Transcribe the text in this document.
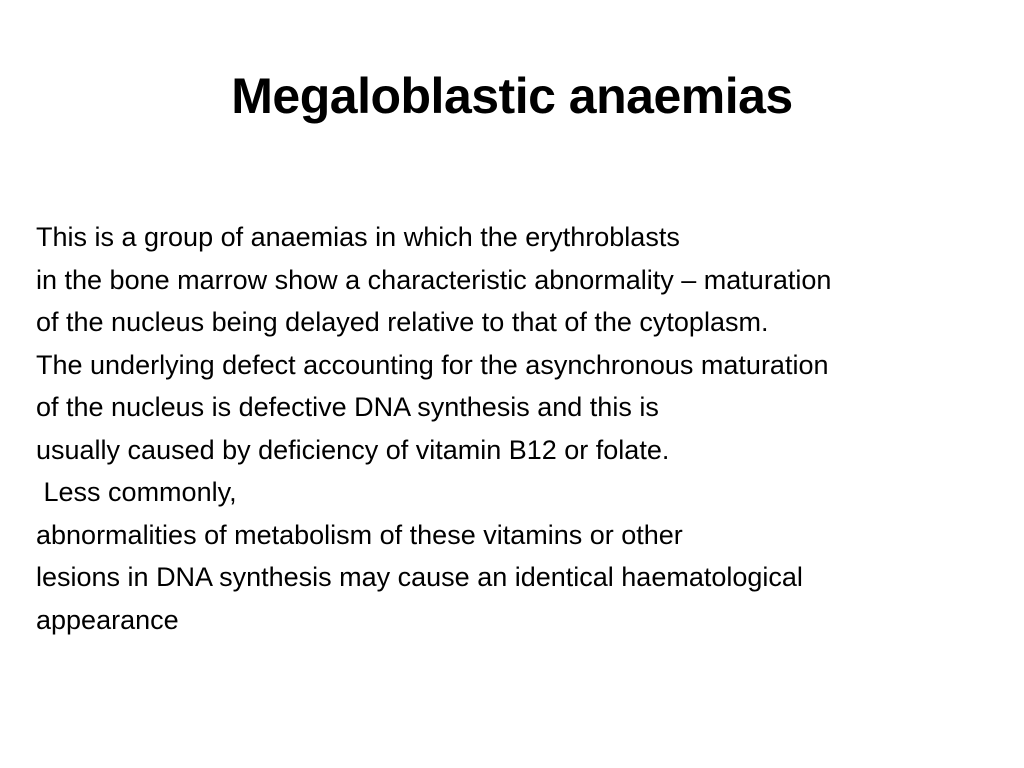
Megaloblastic anaemias
This is a group of anaemias in which the erythroblasts
in the bone marrow show a characteristic abnormality – maturation
of the nucleus being delayed relative to that of the cytoplasm.
The underlying defect accounting for the asynchronous maturation
of the nucleus is defective DNA synthesis and this is
usually caused by deficiency of vitamin B12 or folate.
Less commonly,
abnormalities of metabolism of these vitamins or other
lesions in DNA synthesis may cause an identical haematological
appearance
